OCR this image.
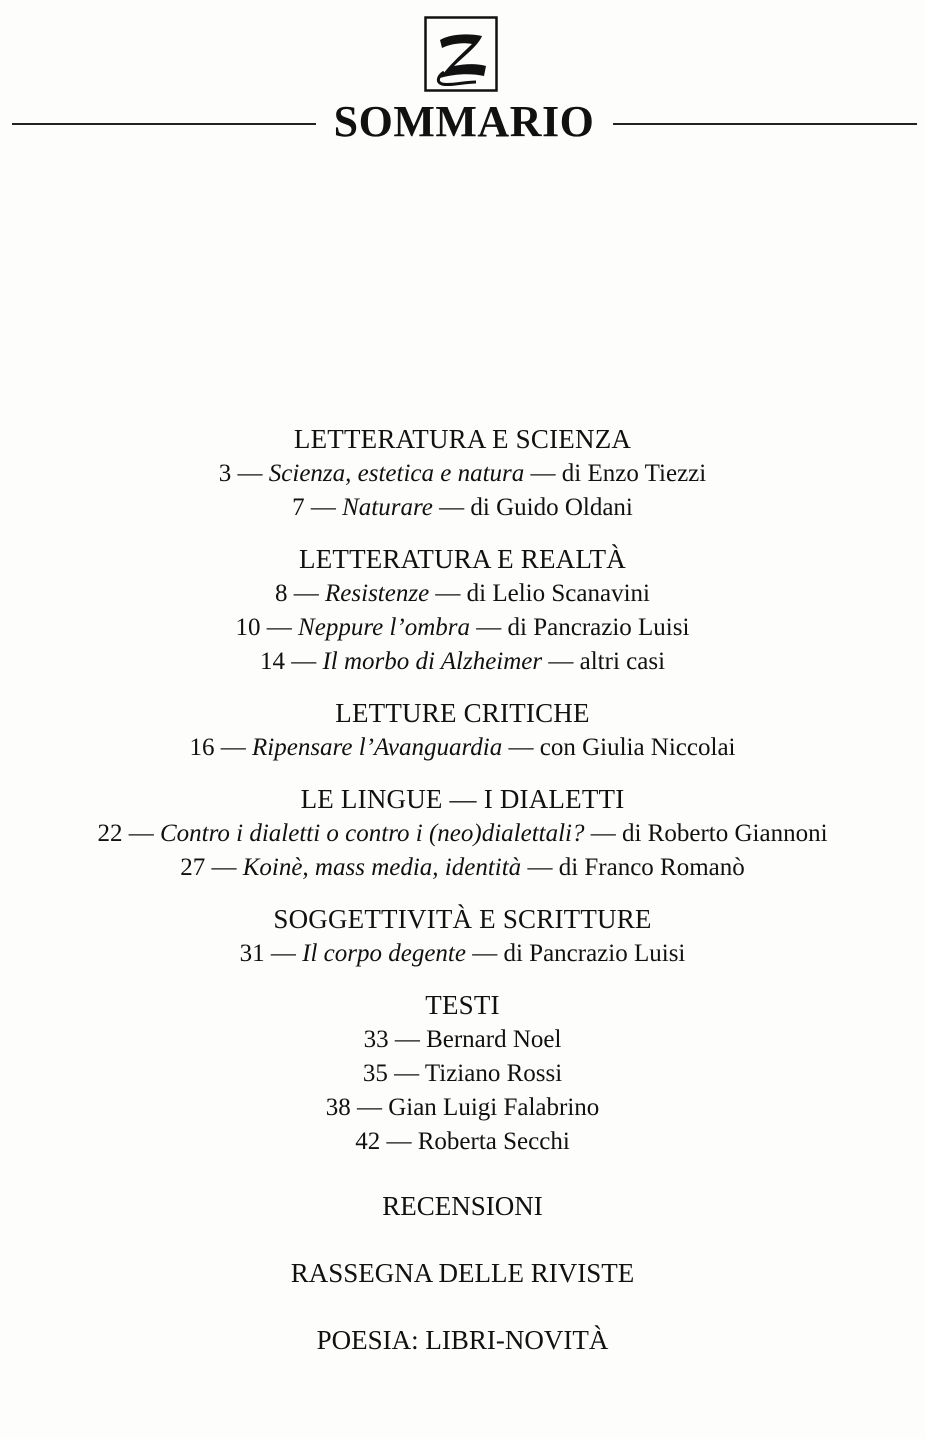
SOMMARIO
LETTERATURA E SCIENZA
3 — Scienza, estetica e natura — di Enzo Tiezzi
7 — Naturare — di Guido Oldani
LETTERATURA E REALTÀ
8 — Resistenze — di Lelio Scanavini
10 — Neppure l’ombra — di Pancrazio Luisi
14 — Il morbo di Alzheimer — altri casi
LETTURE CRITICHE
16 — Ripensare l’Avanguardia — con Giulia Niccolai
LE LINGUE — I DIALETTI
22 — Contro i dialetti o contro i (neo)dialettali? — di Roberto Giannoni
27 — Koinè, mass media, identità — di Franco Romanò
SOGGETTIVITÀ E SCRITTURE
31 — Il corpo degente — di Pancrazio Luisi
TESTI
33 — Bernard Noel
35 — Tiziano Rossi
38 — Gian Luigi Falabrino
42 — Roberta Secchi
RECENSIONI
RASSEGNA DELLE RIVISTE
POESIA: LIBRI-NOVITÀ
